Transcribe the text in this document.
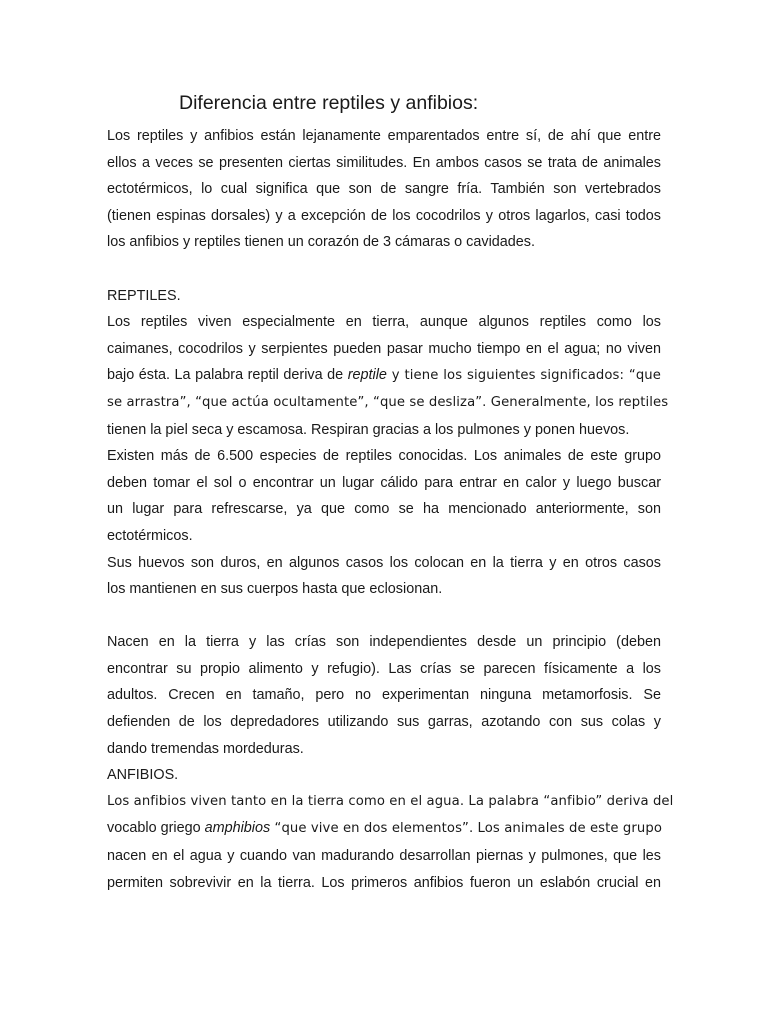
Diferencia entre reptiles y anfibios:

Los reptiles y anfibios están lejanamente emparentados entre sí, de ahí que entre
ellos a veces se presenten ciertas similitudes. En ambos casos se trata de animales
ectotérmicos, lo cual significa que son de sangre fría. También son vertebrados
(tienen espinas dorsales) y a excepción de los cocodrilos y otros lagarlos, casi todos
los anfibios y reptiles tienen un corazón de 3 cámaras o cavidades.

REPTILES.

Los reptiles viven especialmente en tierra, aunque algunos reptiles como los
caimanes, cocodrilos y serpientes pueden pasar mucho tiempo en el agua; no viven
bajo ésta. La palabra reptil deriva de reptile y tiene los siguientes significados: “que
se arrastra”, “que actúa ocultamente”, “que se desliza”. Generalmente, los reptiles
tienen la piel seca y escamosa. Respiran gracias a los pulmones y ponen huevos.

Existen más de 6.500 especies de reptiles conocidas. Los animales de este grupo
deben tomar el sol o encontrar un lugar cálido para entrar en calor y luego buscar
un lugar para refrescarse, ya que como se ha mencionado anteriormente, son
ectotérmicos.

Sus huevos son duros, en algunos casos los colocan en la tierra y en otros casos
los mantienen en sus cuerpos hasta que eclosionan.

Nacen en la tierra y las crías son independientes desde un principio (deben
encontrar su propio alimento y refugio). Las crías se parecen físicamente a los
adultos. Crecen en tamaño, pero no experimentan ninguna metamorfosis. Se
defienden de los depredadores utilizando sus garras, azotando con sus colas y
dando tremendas mordeduras.

ANFIBIOS.

Los anfibios viven tanto en la tierra como en el agua. La palabra “anfibio” deriva del
vocablo griego amphibios “que vive en dos elementos”. Los animales de este grupo
nacen en el agua y cuando van madurando desarrollan piernas y pulmones, que les
permiten sobrevivir en la tierra. Los primeros anfibios fueron un eslabón crucial en
